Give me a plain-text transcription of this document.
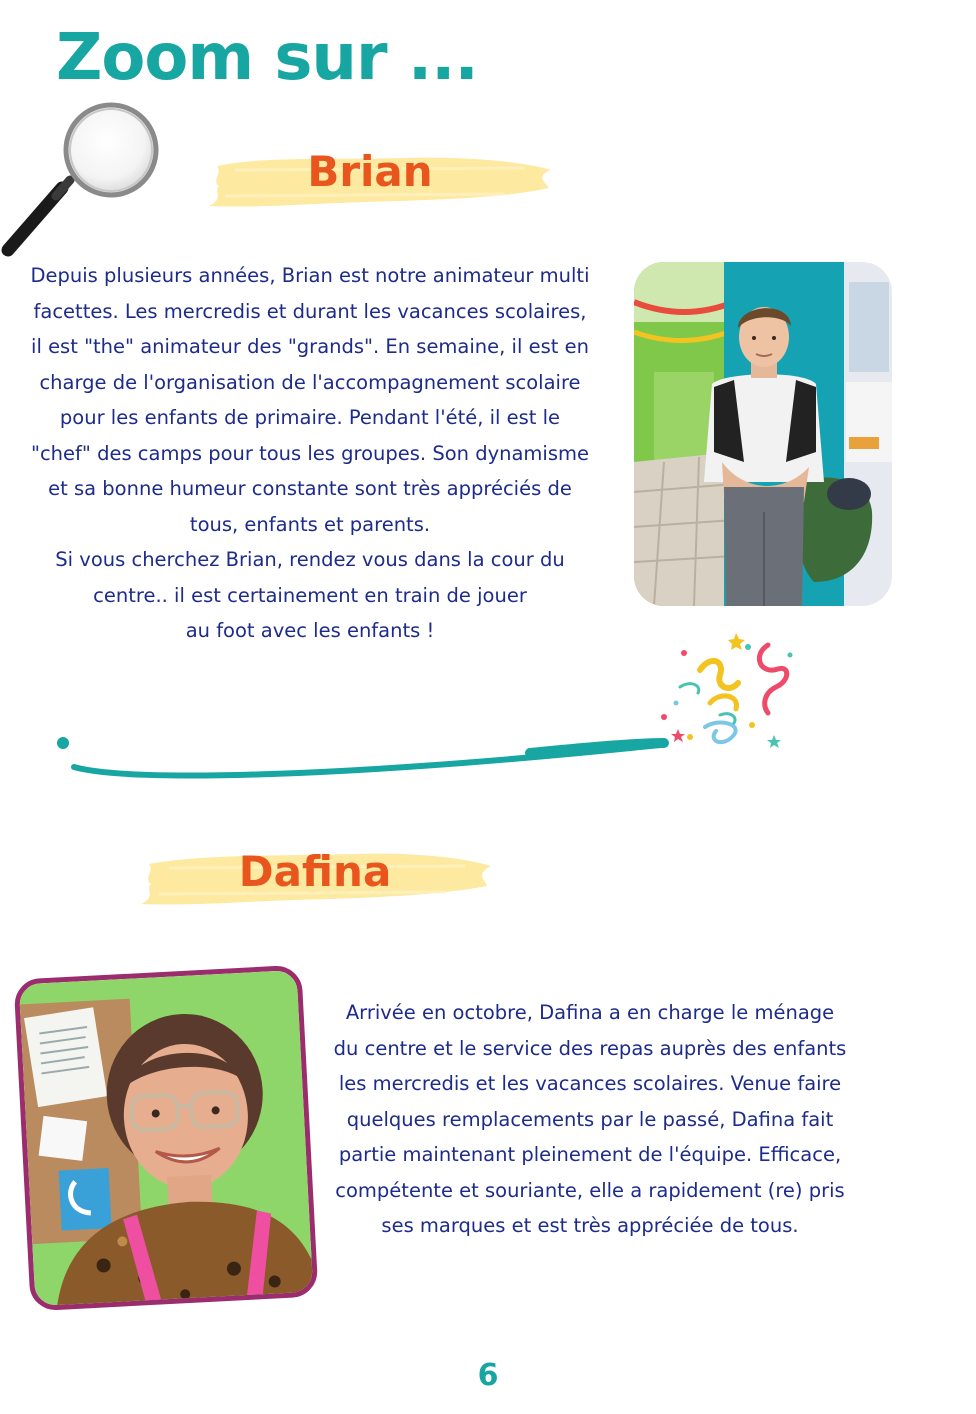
Zoom sur ...
Brian
Depuis plusieurs années, Brian est notre animateur multi
facettes. Les mercredis et durant les vacances scolaires,
il est "the" animateur des "grands". En semaine, il est en
charge de l'organisation de l'accompagnement scolaire
pour les enfants de primaire. Pendant l'été, il est le
"chef" des camps pour tous les groupes. Son dynamisme
et sa bonne humeur constante sont très appréciés de
tous, enfants et parents.
Si vous cherchez Brian, rendez vous dans la cour du
centre.. il est certainement en train de jouer
au foot avec les enfants !
Dafina
Arrivée en octobre, Dafina a en charge le ménage
du centre et le service des repas auprès des enfants
les mercredis et les vacances scolaires. Venue faire
quelques remplacements par le passé, Dafina fait
partie maintenant pleinement de l'équipe. Efficace,
compétente et souriante, elle a rapidement (re) pris
ses marques et est très appréciée de tous.

6
